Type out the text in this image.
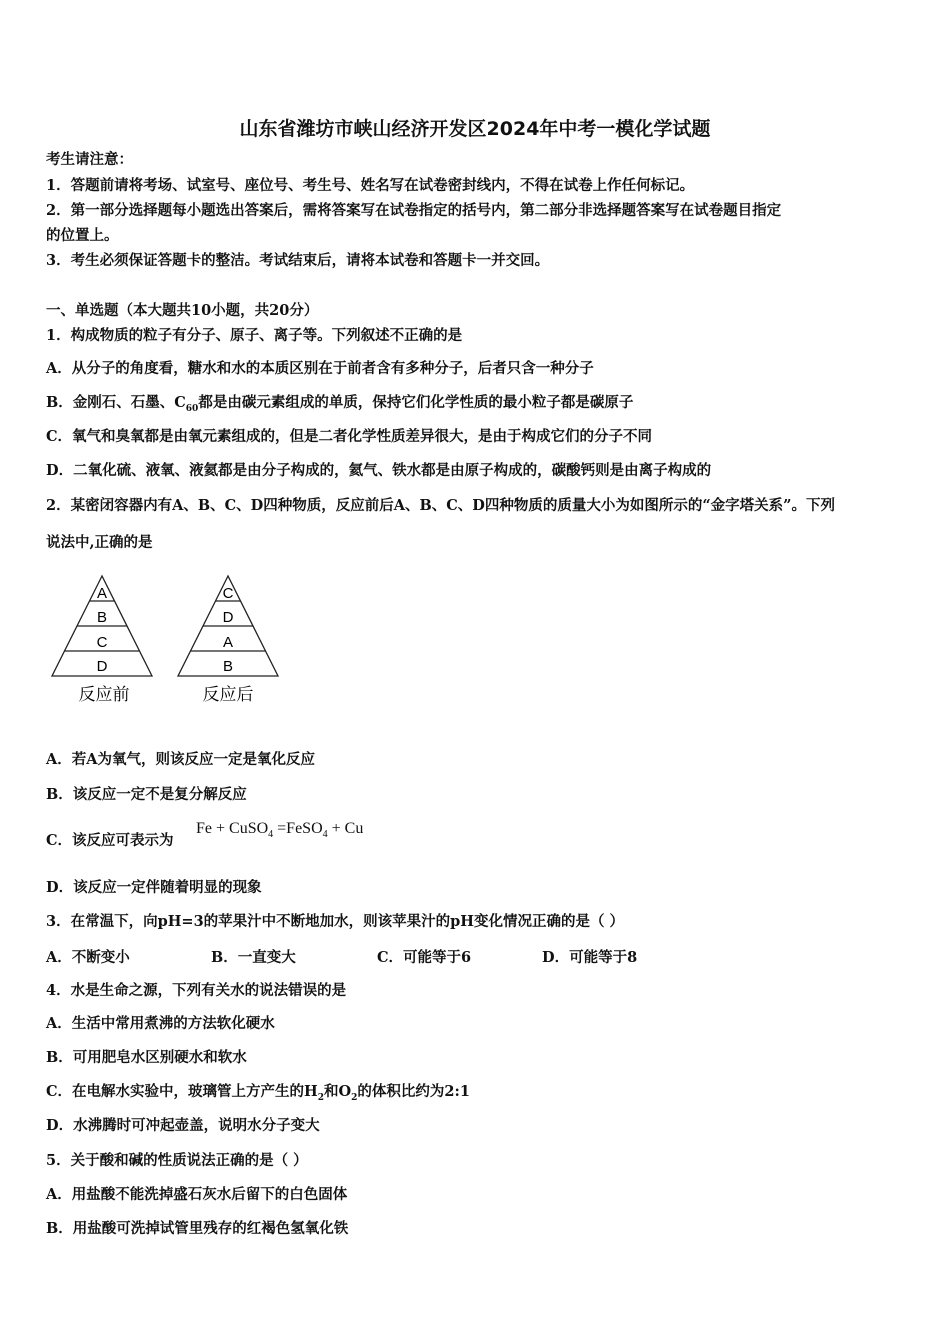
山东省潍坊市峡山经济开发区2024年中考一模化学试题
考生请注意：
1．答题前请将考场、试室号、座位号、考生号、姓名写在试卷密封线内，不得在试卷上作任何标记。
2．第一部分选择题每小题选出答案后，需将答案写在试卷指定的括号内，第二部分非选择题答案写在试卷题目指定
的位置上。
3．考生必须保证答题卡的整洁。考试结束后，请将本试卷和答题卡一并交回。
一、单选题（本大题共10小题，共20分）
1．构成物质的粒子有分子、原子、离子等。下列叙述不正确的是
A．从分子的角度看，糖水和水的本质区别在于前者含有多种分子，后者只含一种分子
B．金刚石、石墨、$C_{60}$都是由碳元素组成的单质，保持它们化学性质的最小粒子都是碳原子
C．氧气和臭氧都是由氧元素组成的，但是二者化学性质差异很大，是由于构成它们的分子不同
D．二氧化硫、液氧、液氦都是由分子构成的，氦气、铁水都是由原子构成的，碳酸钙则是由离子构成的
2．某密闭容器内有A、B、C、D四种物质，反应前后A、B、C、D四种物质的质量大小为如图所示的“金字塔关系”。下列
说法中,正确的是
A
B
C
D
反应前
C
D
A
B
反应后
A．若A为氧气，则该反应一定是氧化反应
B．该反应一定不是复分解反应
C．该反应可表示为
Fe + CuSO$_4$ =FeSO$_4$ + Cu
D．该反应一定伴随着明显的现象
3．在常温下，向pH=3的苹果汁中不断地加水，则该苹果汁的pH变化情况正确的是（ ）
A．不断变小	B．一直变大	C．可能等于6	D．可能等于8
4．水是生命之源，下列有关水的说法错误的是
A．生活中常用煮沸的方法软化硬水
B．可用肥皂水区别硬水和软水
C．在电解水实验中，玻璃管上方产生的$H_2$和$O_2$的体积比约为2:1
D．水沸腾时可冲起壶盖，说明水分子变大
5．关于酸和碱的性质说法正确的是（ ）
A．用盐酸不能洗掉盛石灰水后留下的白色固体
B．用盐酸可洗掉试管里残存的红褐色氢氧化铁
